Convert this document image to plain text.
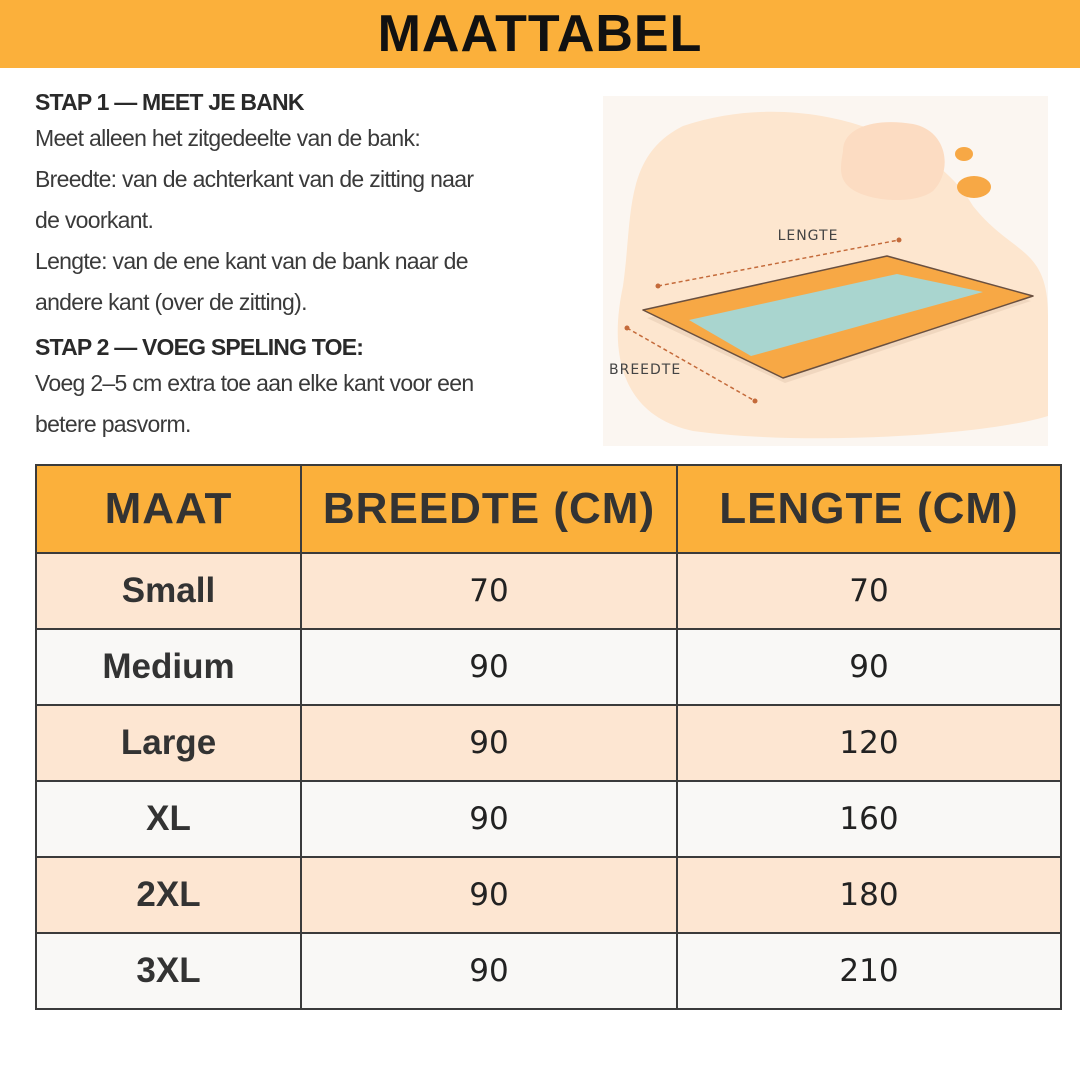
MAATTABEL
STAP 1 — MEET JE BANK
Meet alleen het zitgedeelte van de bank:
Breedte: van de achterkant van de zitting naar
de voorkant.
Lengte: van de ene kant van de bank naar de
andere kant (over de zitting).
STAP 2 — VOEG SPELING TOE:
Voeg 2–5 cm extra toe aan elke kant voor een
betere pasvorm.
LENGTE
BREEDTE
MAAT	BREEDTE (CM)	LENGTE (CM)
Small	70	70
Medium	90	90
Large	90	120
XL	90	160
2XL	90	180
3XL	90	210
